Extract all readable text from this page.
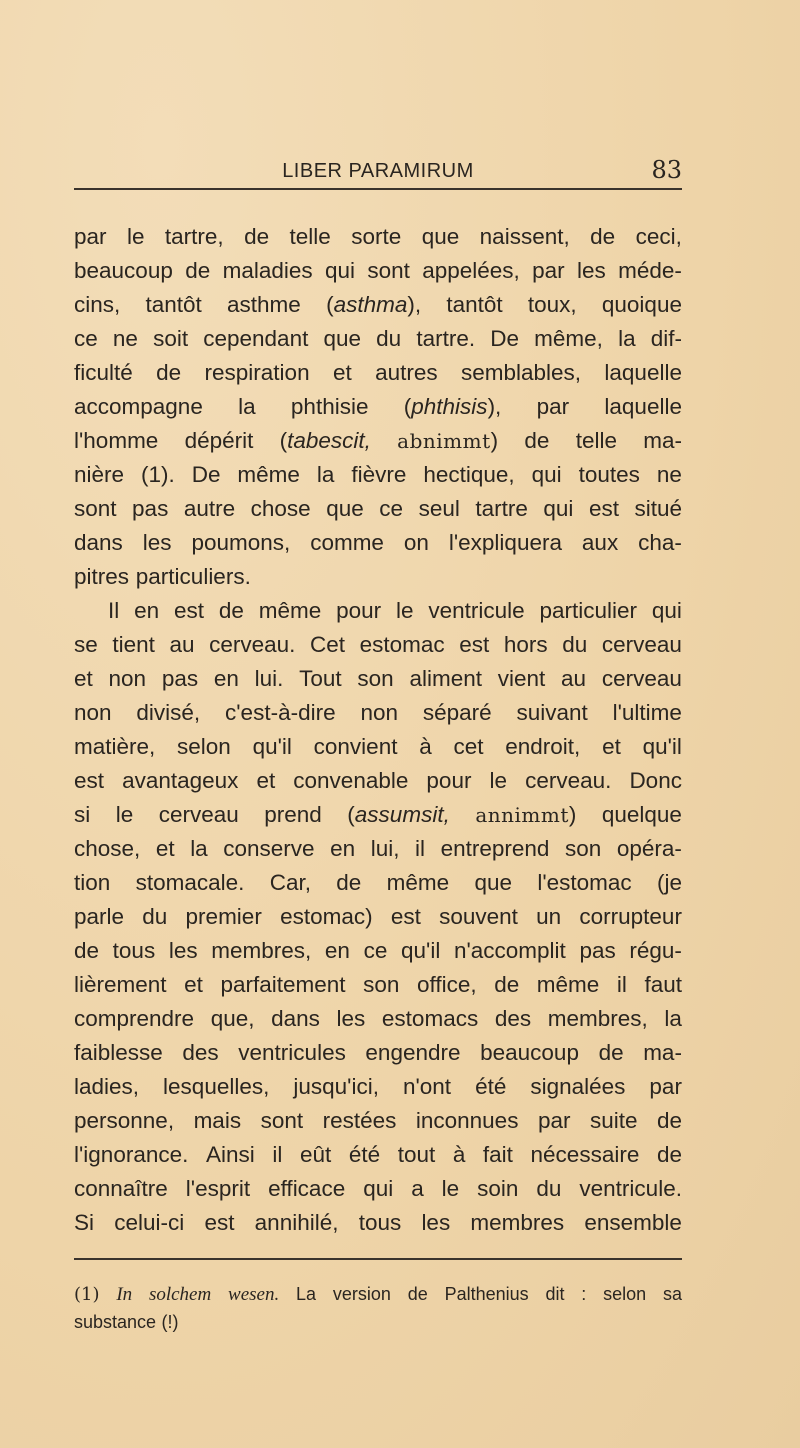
LIBER PARAMIRUM	83
par le tartre, de telle sorte que naissent, de ceci,
beaucoup de maladies qui sont appelées, par les méde-
cins, tantôt asthme (asthma), tantôt toux, quoique
ce ne soit cependant que du tartre. De même, la dif-
ficulté de respiration et autres semblables, laquelle
accompagne la phthisie (phthisis), par laquelle
l'homme dépérit (tabescit, abnimmt) de telle ma-
nière (1). De même la fièvre hectique, qui toutes ne
sont pas autre chose que ce seul tartre qui est situé
dans les poumons, comme on l'expliquera aux cha-
pitres particuliers.
Il en est de même pour le ventricule particulier qui
se tient au cerveau. Cet estomac est hors du cerveau
et non pas en lui. Tout son aliment vient au cerveau
non divisé, c'est-à-dire non séparé suivant l'ultime
matière, selon qu'il convient à cet endroit, et qu'il
est avantageux et convenable pour le cerveau. Donc
si le cerveau prend (assumsit, annimmt) quelque
chose, et la conserve en lui, il entreprend son opéra-
tion stomacale. Car, de même que l'estomac (je
parle du premier estomac) est souvent un corrupteur
de tous les membres, en ce qu'il n'accomplit pas régu-
lièrement et parfaitement son office, de même il faut
comprendre que, dans les estomacs des membres, la
faiblesse des ventricules engendre beaucoup de ma-
ladies, lesquelles, jusqu'ici, n'ont été signalées par
personne, mais sont restées inconnues par suite de
l'ignorance. Ainsi il eût été tout à fait nécessaire de
connaître l'esprit efficace qui a le soin du ventricule.
Si celui-ci est annihilé, tous les membres ensemble
(1) In solchem wesen. La version de Palthenius dit : selon sa
substance (!)
